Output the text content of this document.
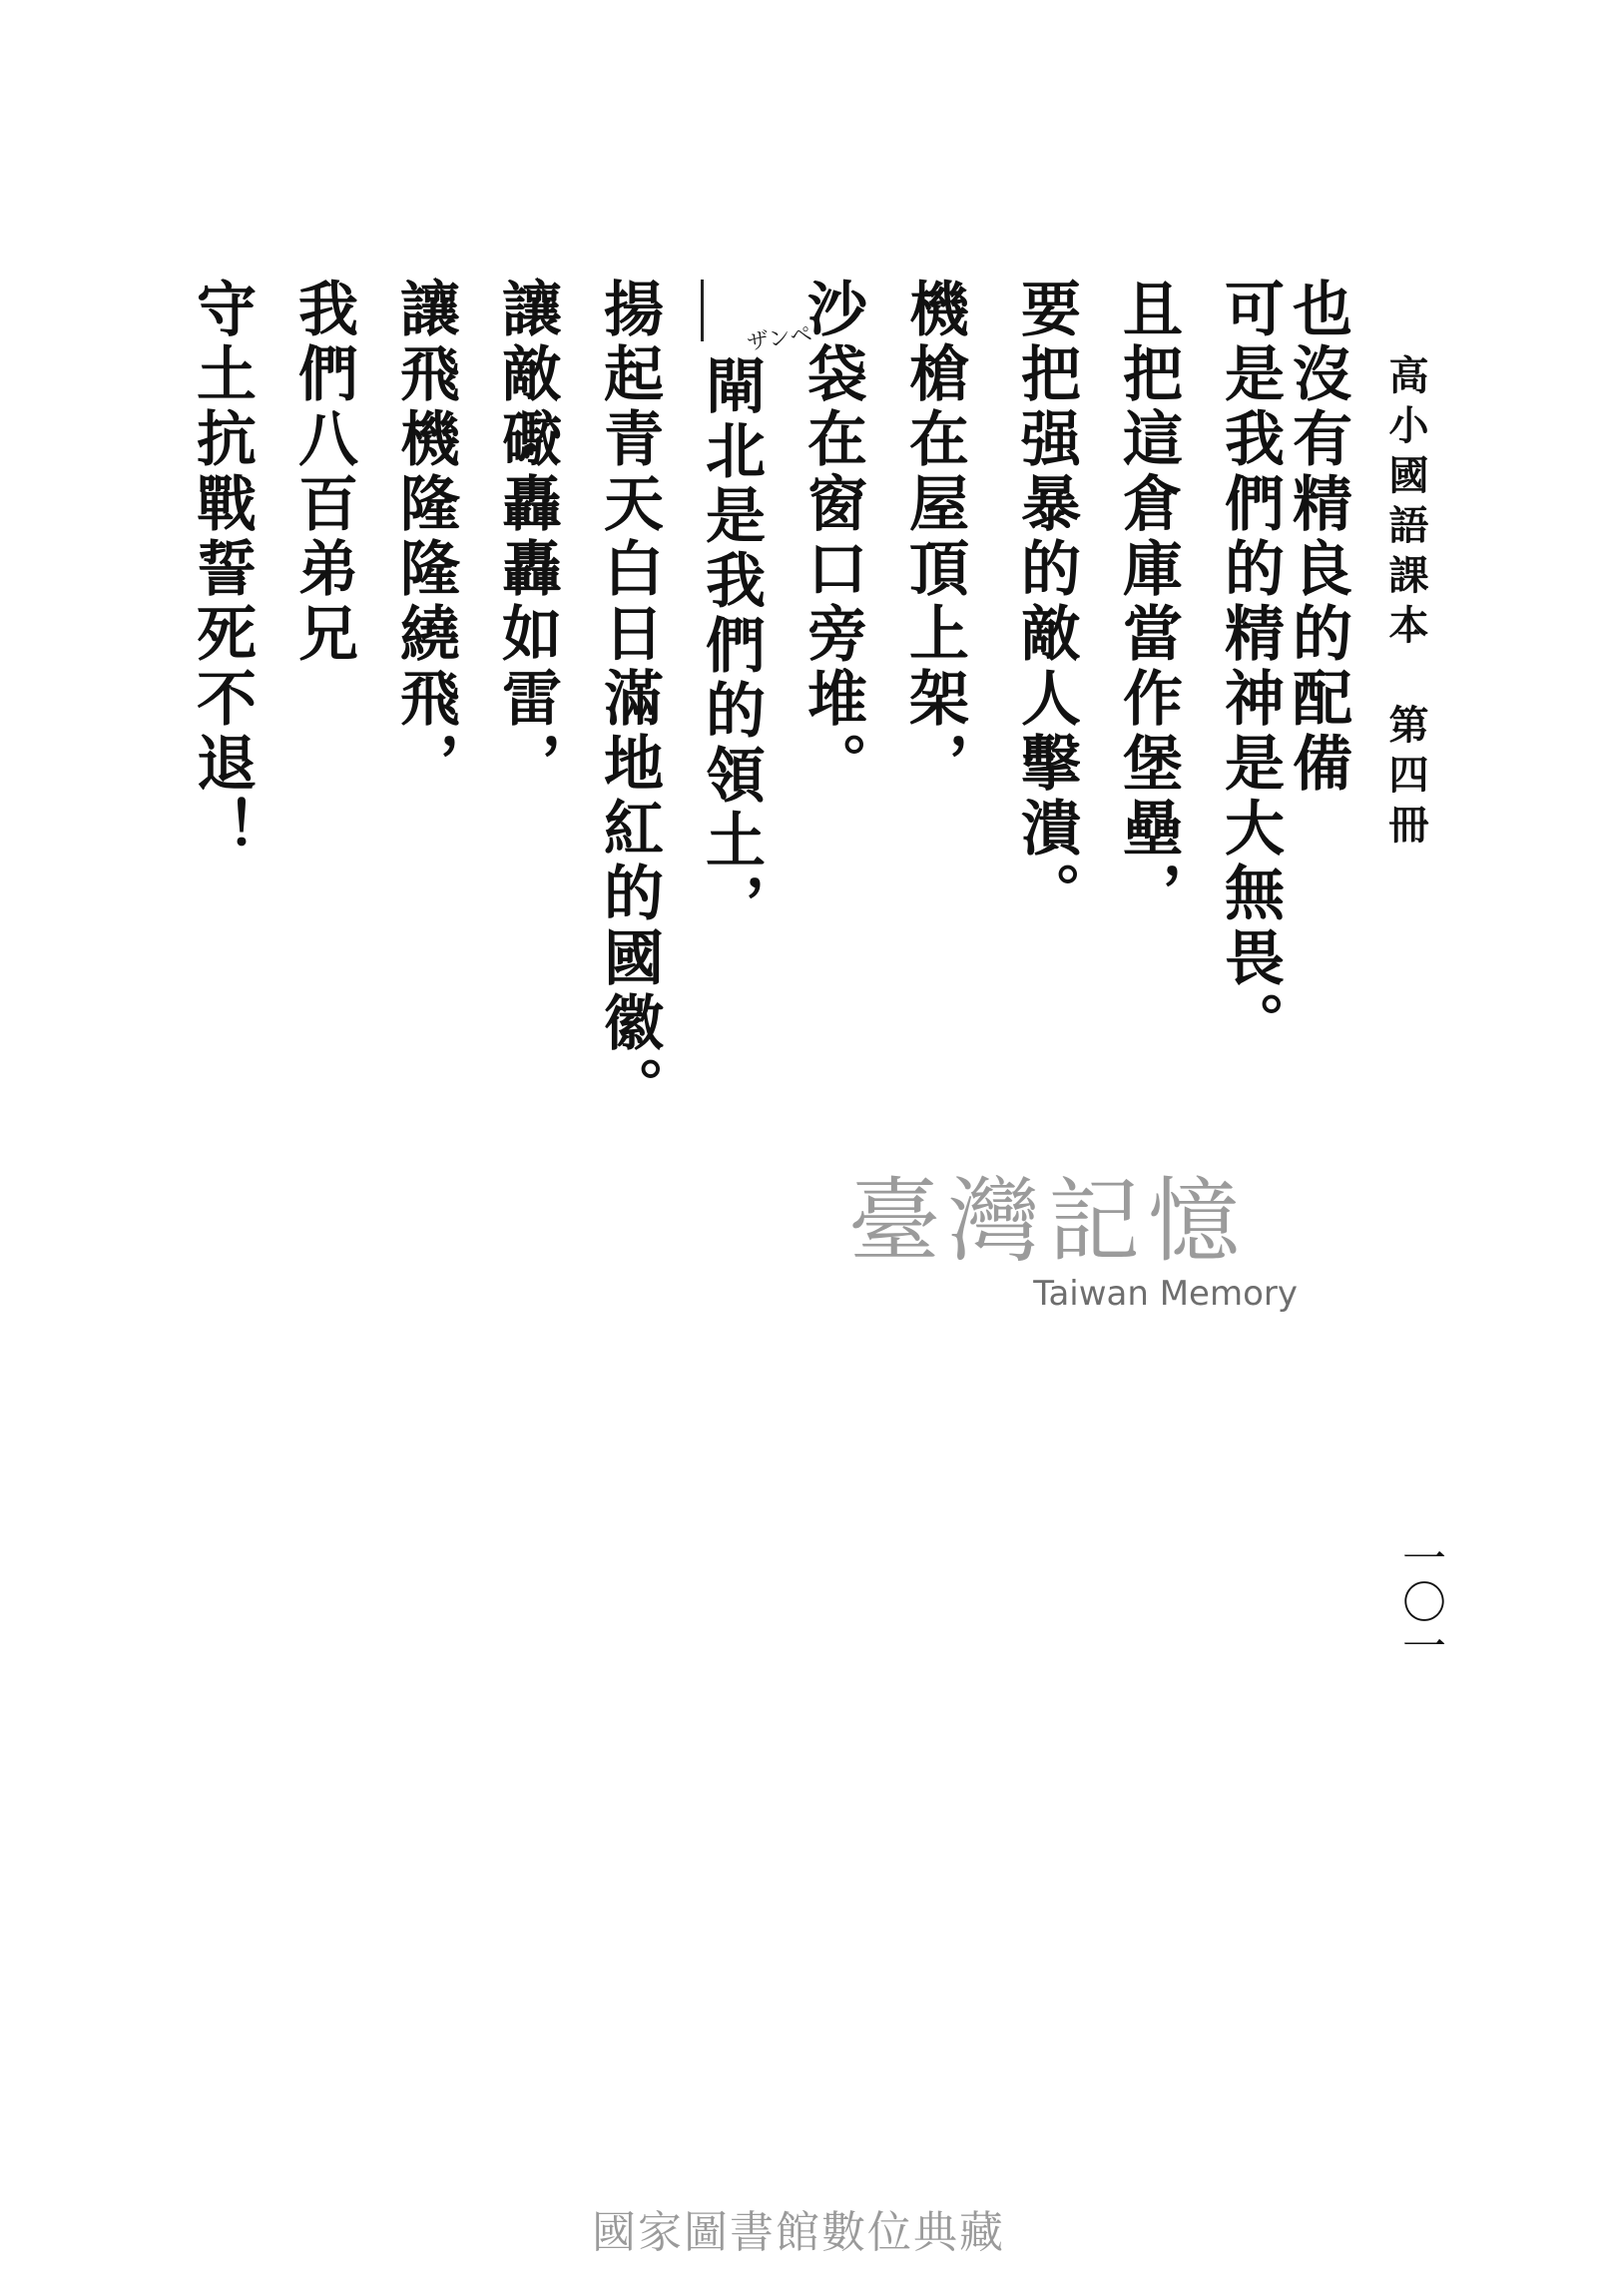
高小國語課本　第四冊
也沒有精良的配備
可是我們的精神是大無畏。
且把這倉庫當作堡壘，
要把强暴的敵人擊潰。
機槍在屋頂上架，
沙袋在窗口旁堆。
ザンペ
閘北是我們的領土，
揚起青天白日滿地紅的國徽。
讓敵礮轟轟如雷，
讓飛機隆隆繞飛，
我們八百弟兄
守土抗戰誓死不退！
一〇一
臺灣記憶
Taiwan Memory
國家圖書館數位典藏
